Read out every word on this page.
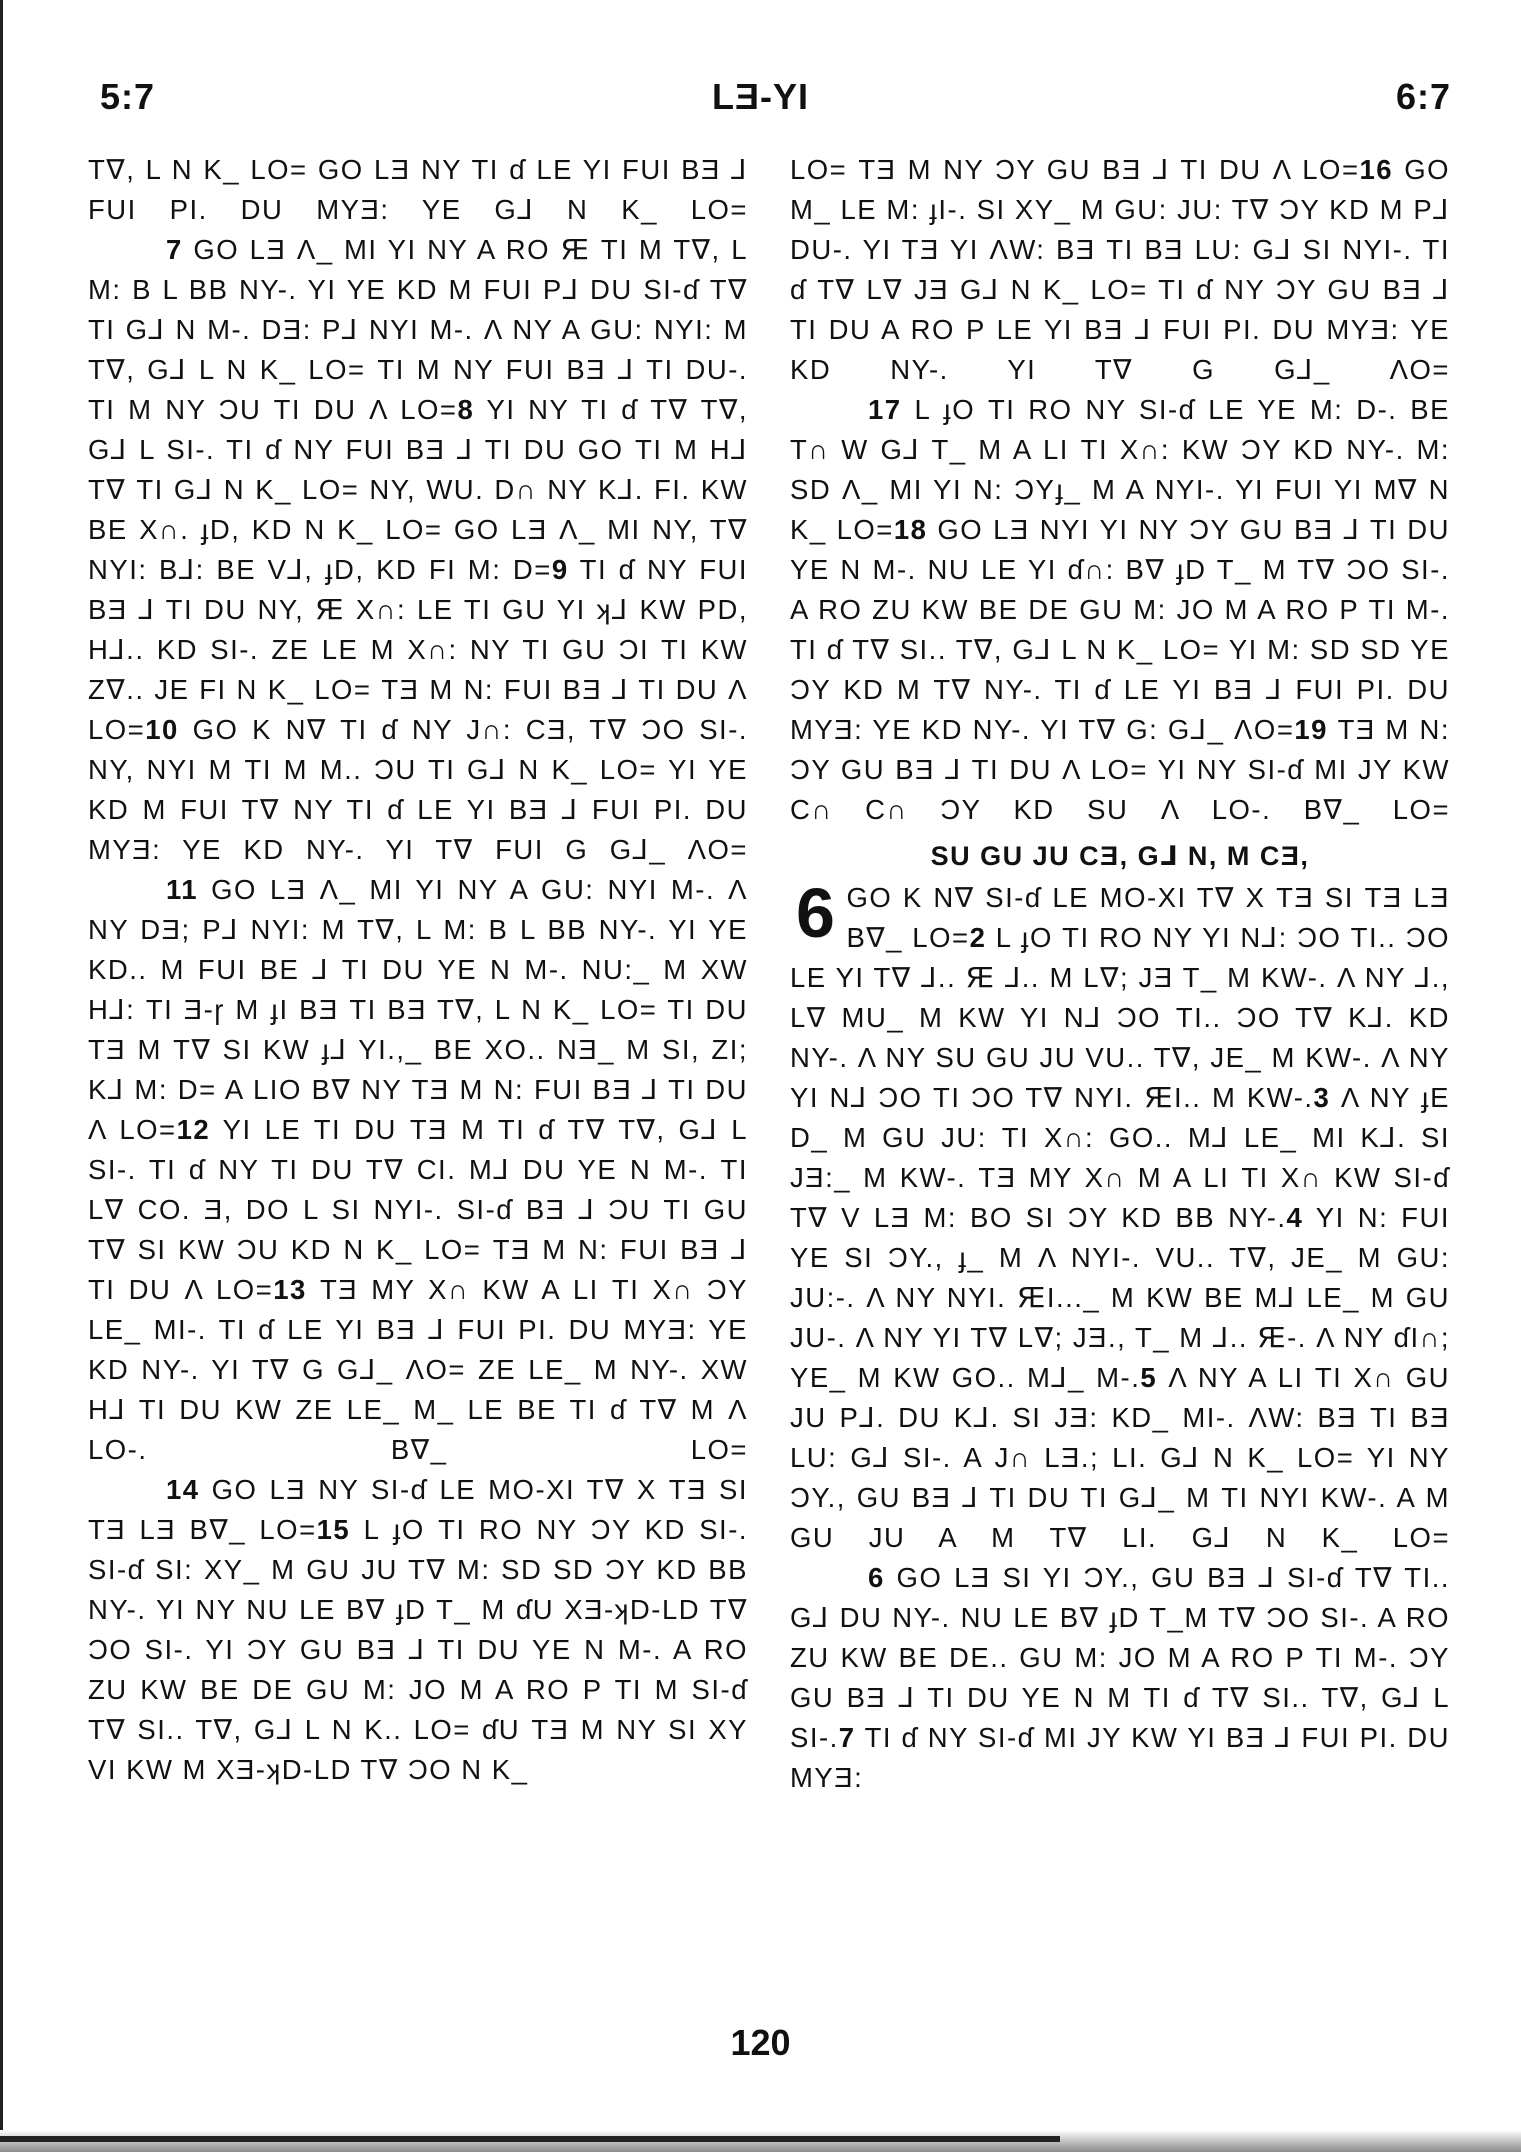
5:7	LƎ-YI	6:7

T∇, L N K_ LO= GO LƎ NY TI ɗ LE YI FUI BƎ ⅃ FUI PI. DU MYƎ: YE G⅃ N K_ LO=

7 GO LƎ Λ_ MI YI NY A RO Ԙ ТI M T∇, L M: B L BB NY-. YI YE KD M FUI P⅃ DU SI-ɗ T∇ TI G⅃ N M-. DƎ: P⅃ NYI M-. Λ NY A GU: NYI: M T∇, G⅃ L N K_ LO= ТI M NY FUI BƎ ⅃ TI DU-. ТI M NY ƆU TI DU Λ LO=8 YI NY TI ɗ T∇ T∇, G⅃ L SI-. TI ɗ NY FUI BƎ ⅃ TI DU GO ТI M H⅃ Т∇ TI G⅃ N K_ LO= NY, WU. D∩ NY K⅃. FI. KW BE X∩. ɟD, KD N K_ LO= GO LƎ Λ_ MI NY, T∇ NYI: B⅃: BE V⅃, ɟD, KD FI M: D=9 TI ɗ NY FUI BƎ ⅃ TI DU NY, Ԙ X∩: LE TI GU YI ʞ⅃ KW PD, H⅃.. KD SI-. ZE LE M X∩: NY TI GU ƆI TI KW Z∇.. JE FI N K_ LO= ТƎ M N: FUI BƎ ⅃ TI DU Λ LO=10 GO K N∇ TI ɗ NY J∩: CƎ, T∇ ƆO SI-. NY, NYI M ТI M M.. ƆU TI G⅃ N K_ LO= YI YE KD M FUI T∇ NY TI ɗ LE YI BƎ ⅃ FUI PI. DU MYƎ: YE KD NY-. YI T∇ FUI G G⅃_ ΛO=

11 GO LƎ Λ_ MI YI NY A GU: NYI M-. Λ NY DƎ; P⅃ NYI: M T∇, L M: B L BB NY-. YI YE KD.. M FUI BE ⅃ TI DU YE N M-. NU:_ M XW H⅃: ТI Ǝ-ɼ M ɟI BƎ ТI BƎ T∇, L N K_ LO= TI DU ТƎ M Т∇ SI KW ɟ⅃ YI.,_ BE XO.. NƎ_ M SI, ZI; K⅃ M: D= A LIO B∇ NY ТƎ M N: FUI BƎ ⅃ TI DU Λ LO=12 YI LE TI DU ТƎ M TI ɗ T∇ T∇, G⅃ L SI-. TI ɗ NY TI DU T∇ CI. M⅃ DU YE N M-. ТI L∇ CO. Ǝ, DO L SI NYI-. SI-ɗ BƎ ⅃ ƆU TI GU Т∇ SI KW ƆU KD N K_ LO= ТƎ M N: FUI BƎ ⅃ TI DU Λ LO=13 ТƎ MY X∩ KW A LI ТI X∩ ƆY LE_ MI-. TI ɗ LE YI BƎ ⅃ FUI PI. DU MYƎ: YE KD NY-. YI T∇ G G⅃_ ΛO= ZE LE_ M NY-. XW H⅃ TI DU KW ZE LE_ M_ LE BE TI ɗ T∇ M Λ LO-. B∇_ LO=

14 GO LƎ NY SI-ɗ LE MO-XI T∇ X ТƎ SI ТƎ LƎ B∇_ LO=15 L ɟO ТI RO NY ƆY KD SI-. SI-ɗ SI: XY_ M GU JU T∇ M: SD SD ƆY KD BB NY-. YI NY NU LE B∇ ɟD T_ M ɗU XƎ-ʞD-LD T∇ ƆO SI-. YI ƆY GU BƎ ⅃ TI DU YE N M-. A RO ZU KW BE DE GU M: JO M A RO P ТI M SI-ɗ T∇ SI.. T∇, G⅃ L N K.. LO= ɗU ТƎ M NY SI XY VI KW M XƎ-ʞD-LD T∇ ƆO N K_

LO= ТƎ M NY ƆY GU BƎ ⅃ TI DU Λ LO=16 GO M_ LE M: ɟI-. SI XY_ M GU: JU: T∇ ƆY KD M P⅃ DU-. YI TƎ YI ΛW: BƎ ТI BƎ LU: G⅃ SI NYI-. TI ɗ T∇ L∇ JƎ G⅃ N K_ LO= TI ɗ NY ƆY GU BƎ ⅃ TI DU A RO P LE YI BƎ ⅃ FUI PI. DU MYƎ: YE KD NY-. YI T∇ G G⅃_ ΛO=

17 L ɟO ТI RO NY SI-ɗ LE YE M: D-. BE Т∩ W G⅃ T_ M A LI ТI X∩: KW ƆY KD NY-. M: SD Λ_ MI YI N: ƆYɟ_ M A NYI-. YI FUI YI M∇ N K_ LO=18 GO LƎ NYI YI NY ƆY GU BƎ ⅃ TI DU YE N M-. NU LE YI ɗ∩: B∇ ɟD T_ M T∇ ƆO SI-. A RO ZU KW BE DE GU M: JO M A RO P ТI M-. TI ɗ T∇ SI.. T∇, G⅃ L N K_ LO= YI M: SD SD YE ƆY KD M T∇ NY-. TI ɗ LE YI BƎ ⅃ FUI PI. DU MYƎ: YE KD NY-. YI T∇ G: G⅃_ ΛO=19 ТƎ M N: ƆY GU BƎ ⅃ TI DU Λ LO= YI NY SI-ɗ MI JY KW C∩ C∩ ƆY KD SU Λ LO-. B∇_ LO=

SU GU JU CƎ, G⅃ N, M CƎ,

6 GO K N∇ SI-ɗ LE MO-XI T∇ X ТƎ SI ТƎ LƎ B∇_ LO=2 L ɟO ТI RO NY YI N⅃: ƆO ТI.. ƆO LE YI T∇ ⅃.. Ԙ ⅃.. M L∇; JƎ T_ M KW-. Λ NY ⅃., L∇ MU_ M KW YI N⅃ ƆO ТI.. ƆO T∇ K⅃. KD NY-. Λ NY SU GU JU VU.. T∇, JE_ M KW-. Λ NY YI N⅃ ƆO ТI ƆO T∇ NYI. ԘI.. M KW-.3 Λ NY ɟE D_ M GU JU: ТI X∩: GO.. M⅃ LE_ MI K⅃. SI JƎ:_ M KW-. ТƎ MY X∩ M A LI ТI X∩ KW SI-ɗ T∇ V LƎ M: BO SI ƆY KD BB NY-.4 YI N: FUI YE SI ƆY., ɟ_ M Λ NYI-. VU.. T∇, JE_ M GU: JU:-. Λ NY NYI. ԘI..._ M KW BE M⅃ LE_ M GU JU-. Λ NY YI T∇ L∇; JƎ., T_ M ⅃.. Ԙ-. Λ NY ɗI∩; YE_ M KW GO.. M⅃_ M-.5 Λ NY A LI ТI X∩ GU JU P⅃. DU K⅃. SI JƎ: KD_ MI-. ΛW: BƎ ТI BƎ LU: G⅃ SI-. A J∩ LƎ.; LI. G⅃ N K_ LO= YI NY ƆY., GU BƎ ⅃ TI DU TI G⅃_ M ТI NYI KW-. A M GU JU A M T∇ LI. G⅃ N K_ LO=

6 GO LƎ SI YI ƆY., GU BƎ ⅃ SI-ɗ T∇ TI.. G⅃ DU NY-. NU LE B∇ ɟD T_M T∇ ƆO SI-. A RO ZU KW BE DE.. GU M: JO M A RO P ТI M-. ƆY GU BƎ ⅃ TI DU YE N M TI ɗ T∇ SI.. T∇, G⅃ L SI-.7 TI ɗ NY SI-ɗ MI JY KW YI BƎ ⅃ FUI PI. DU MYƎ:

120
